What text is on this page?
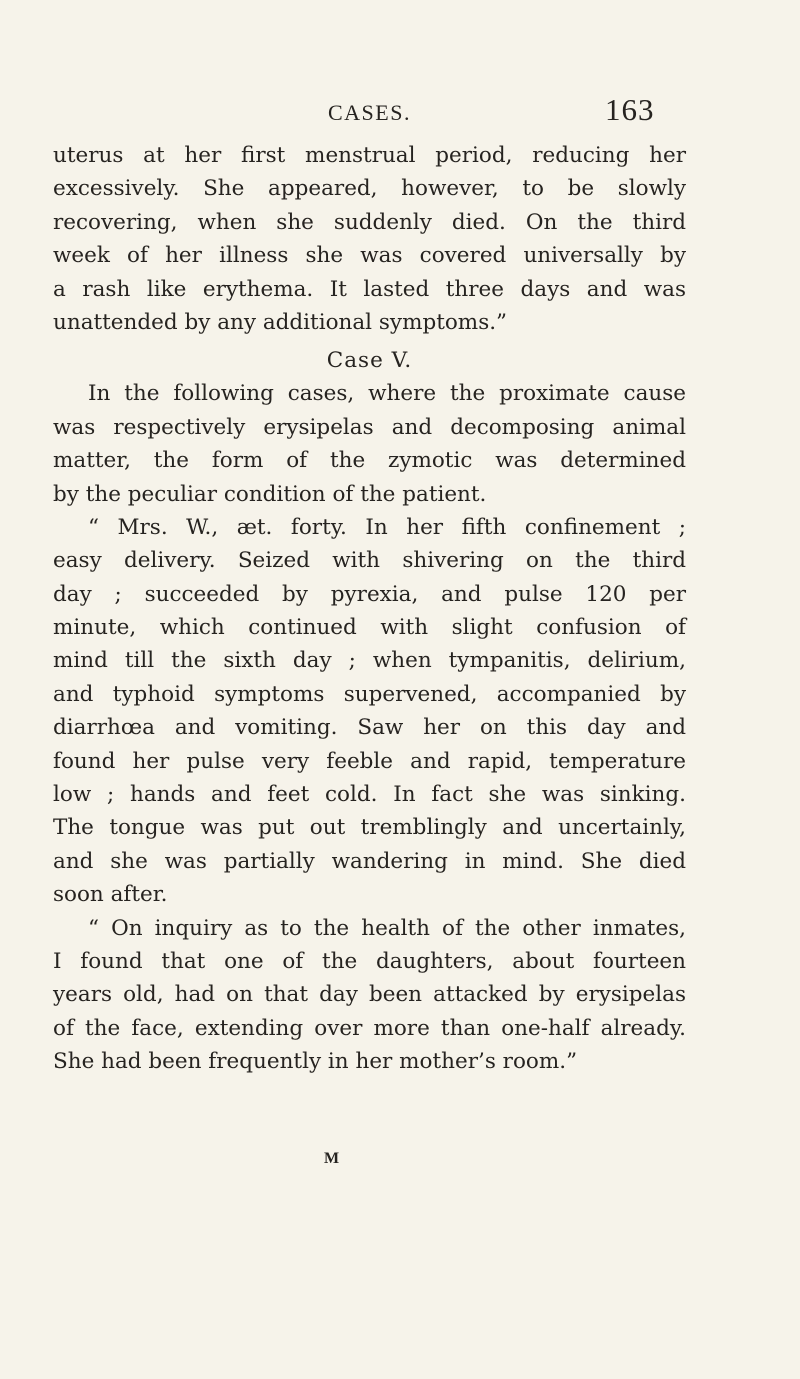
CASES.	163
uterus at her first menstrual period, reducing her
excessively. She appeared, however, to be slowly
recovering, when she suddenly died. On the third
week of her illness she was covered universally by
a rash like erythema. It lasted three days and was
unattended by any additional symptoms.”
Case V.
In the following cases, where the proximate cause
was respectively erysipelas and decomposing animal
matter, the form of the zymotic was determined
by the peculiar condition of the patient.
“ Mrs. W., æt. forty. In her fifth confinement ;
easy delivery. Seized with shivering on the third
day ; succeeded by pyrexia, and pulse 120 per
minute, which continued with slight confusion of
mind till the sixth day ; when tympanitis, delirium,
and typhoid symptoms supervened, accompanied by
diarrhœa and vomiting. Saw her on this day and
found her pulse very feeble and rapid, temperature
low ; hands and feet cold. In fact she was sinking.
The tongue was put out tremblingly and uncertainly,
and she was partially wandering in mind. She died
soon after.
“ On inquiry as to the health of the other inmates,
I found that one of the daughters, about fourteen
years old, had on that day been attacked by erysipelas
of the face, extending over more than one-half already.
She had been frequently in her mother’s room.”
M
